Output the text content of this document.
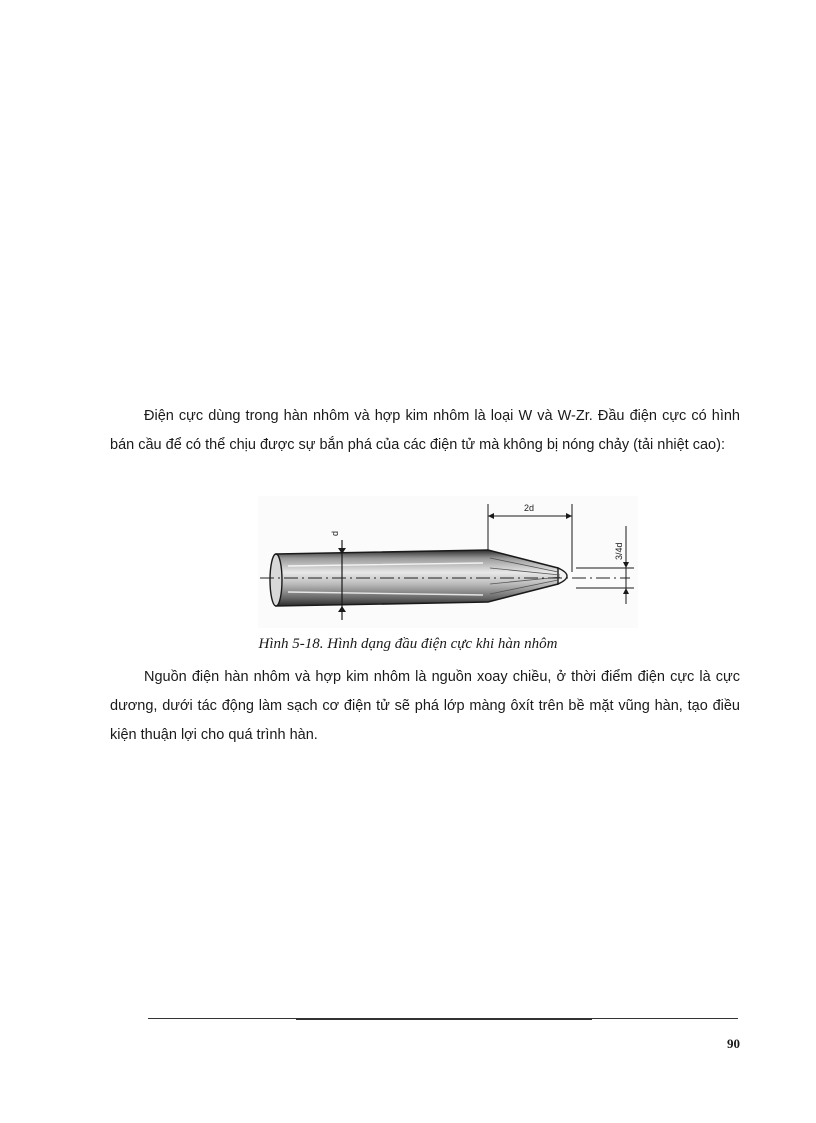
Điện cực dùng trong hàn nhôm và hợp kim nhôm là loại W và W-Zr. Đầu điện cực có hình bán cầu để có thể chịu được sự bắn phá của các điện tử mà không bị nóng chảy (tải nhiệt cao):

d
2d
3/4d

Hình 5-18. Hình dạng đầu điện cực khi hàn nhôm

Nguồn điện hàn nhôm và hợp kim nhôm là nguồn xoay chiều, ở thời điểm điện cực là cực dương, dưới tác động làm sạch cơ điện tử sẽ phá lớp màng ôxít trên bề mặt vũng hàn, tạo điều kiện thuận lợi cho quá trình hàn.

90
